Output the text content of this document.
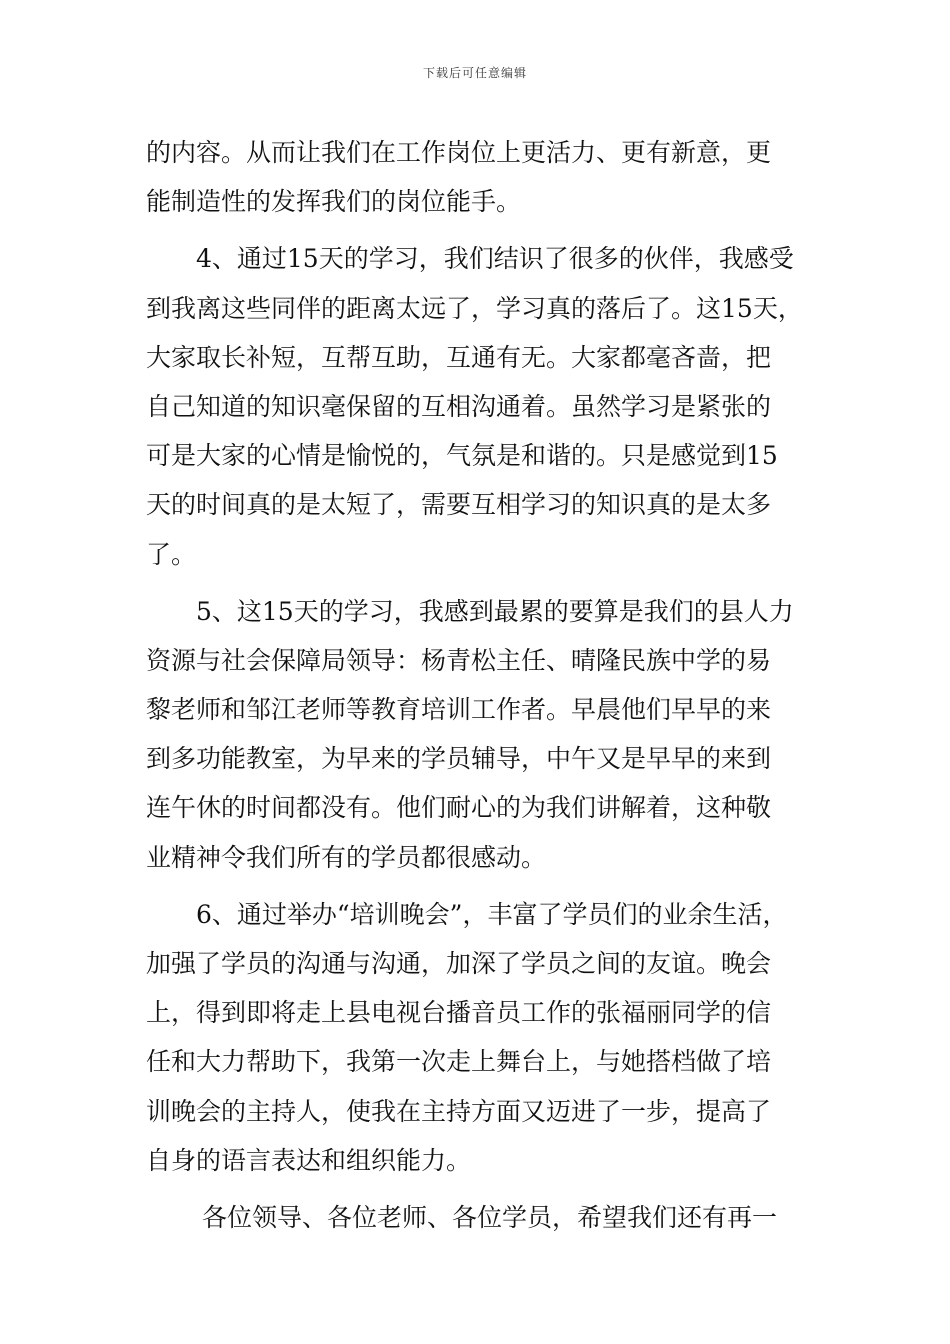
下载后可任意编辑
的内容。从而让我们在工作岗位上更活力、更有新意，更
能制造性的发挥我们的岗位能手。
4、通过15天的学习，我们结识了很多的伙伴，我感受
到我离这些同伴的距离太远了，学习真的落后了。这15天，
大家取长补短，互帮互助，互通有无。大家都毫吝啬，把
自己知道的知识毫保留的互相沟通着。虽然学习是紧张的
可是大家的心情是愉悦的，气氛是和谐的。只是感觉到15
天的时间真的是太短了，需要互相学习的知识真的是太多
了。
5、这15天的学习，我感到最累的要算是我们的县人力
资源与社会保障局领导：杨青松主任、晴隆民族中学的易
黎老师和邹江老师等教育培训工作者。早晨他们早早的来
到多功能教室，为早来的学员辅导，中午又是早早的来到
连午休的时间都没有。他们耐心的为我们讲解着，这种敬
业精神令我们所有的学员都很感动。
6、通过举办“培训晚会”，丰富了学员们的业余生活，
加强了学员的沟通与沟通，加深了学员之间的友谊。晚会
上，得到即将走上县电视台播音员工作的张福丽同学的信
任和大力帮助下，我第一次走上舞台上，与她搭档做了培
训晚会的主持人，使我在主持方面又迈进了一步，提高了
自身的语言表达和组织能力。
各位领导、各位老师、各位学员，希望我们还有再一
